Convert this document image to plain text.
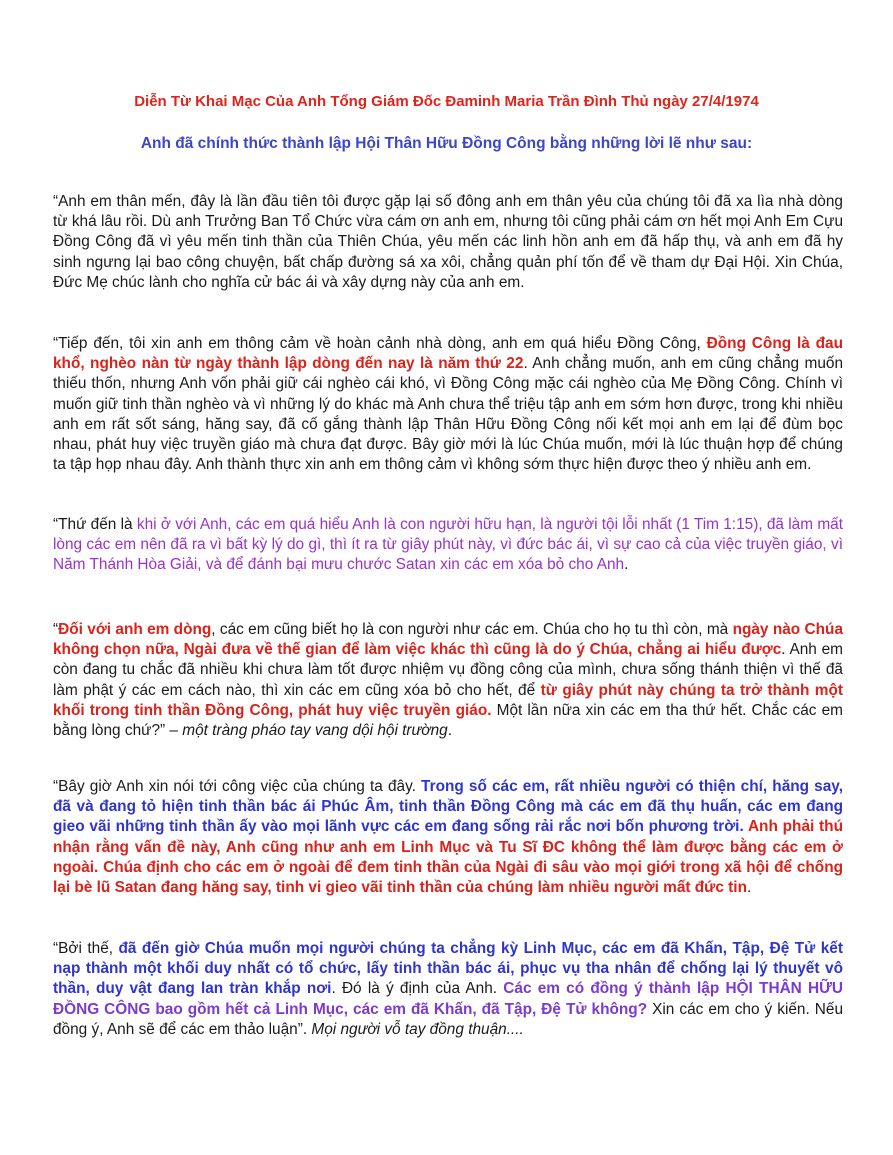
Diễn Từ Khai Mạc Của Anh Tổng Giám Đốc Đaminh Maria Trần Đình Thủ ngày 27/4/1974
Anh đã chính thức thành lập Hội Thân Hữu Đồng Công bằng những lời lẽ như sau:
“Anh em thân mến, đây là lần đầu tiên tôi được gặp lại số đông anh em thân yêu của chúng tôi đã xa lìa nhà dòng từ khá lâu rồi. Dù anh Trưởng Ban Tổ Chức vừa cám ơn anh em, nhưng tôi cũng phải cám ơn hết mọi Anh Em Cựu Đồng Công đã vì yêu mến tinh thần của Thiên Chúa, yêu mến các linh hồn anh em đã hấp thụ, và anh em đã hy sinh ngưng lại bao công chuyện, bất chấp đường sá xa xôi, chẳng quản phí tốn để về tham dự Đại Hội. Xin Chúa, Đức Mẹ chúc lành cho nghĩa cử bác ái và xây dựng này của anh em.
“Tiếp đến, tôi xin anh em thông cảm về hoàn cảnh nhà dòng, anh em quá hiểu Đồng Công, Đồng Công là đau khổ, nghèo nàn từ ngày thành lập dòng đến nay là năm thứ 22. Anh chẳng muốn, anh em cũng chẳng muốn thiếu thốn, nhưng Anh vốn phải giữ cái nghèo cái khó, vì Đồng Công mặc cái nghèo của Mẹ Đồng Công. Chính vì muốn giữ tinh thần nghèo và vì những lý do khác mà Anh chưa thể triệu tập anh em sớm hơn được, trong khi nhiều anh em rất sốt sáng, hăng say, đã cố gắng thành lập Thân Hữu Đồng Công nối kết mọi anh em lại để đùm bọc nhau, phát huy việc truyền giáo mà chưa đạt được. Bây giờ mới là lúc Chúa muốn, mới là lúc thuận hợp để chúng ta tập họp nhau đây. Anh thành thực xin anh em thông cảm vì không sớm thực hiện được theo ý nhiều anh em.
“Thứ đến là khi ở với Anh, các em quá hiểu Anh là con người hữu hạn, là người tội lỗi nhất (1 Tim 1:15), đã làm mất lòng các em nên đã ra vì bất kỳ lý do gì, thì ít ra từ giây phút này, vì đức bác ái, vì sự cao cả của việc truyền giáo, vì Năm Thánh Hòa Giải, và để đánh bại mưu chước Satan xin các em xóa bỏ cho Anh.
“Đối với anh em dòng, các em cũng biết họ là con người như các em. Chúa cho họ tu thì còn, mà ngày nào Chúa không chọn nữa, Ngài đưa về thế gian để làm việc khác thì cũng là do ý Chúa, chẳng ai hiểu được. Anh em còn đang tu chắc đã nhiều khi chưa làm tốt được nhiệm vụ đồng công của mình, chưa sống thánh thiện vì thế đã làm phật ý các em cách nào, thì xin các em cũng xóa bỏ cho hết, để từ giây phút này chúng ta trở thành một khối trong tinh thần Đồng Công, phát huy việc truyền giáo. Một lần nữa xin các em tha thứ hết. Chắc các em bằng lòng chứ?” – một tràng pháo tay vang dội hội trường.
“Bây giờ Anh xin nói tới công việc của chúng ta đây. Trong số các em, rất nhiều người có thiện chí, hăng say, đã và đang tỏ hiện tinh thần bác ái Phúc Âm, tinh thần Đồng Công mà các em đã thụ huấn, các em đang gieo vãi những tinh thần ấy vào mọi lãnh vực các em đang sống rải rắc nơi bốn phương trời. Anh phải thú nhận rằng vấn đề này, Anh cũng như anh em Linh Mục và Tu Sĩ ĐC không thể làm được bằng các em ở ngoài. Chúa định cho các em ở ngoài để đem tinh thần của Ngài đi sâu vào mọi giới trong xã hội để chống lại bè lũ Satan đang hăng say, tinh vi gieo vãi tinh thần của chúng làm nhiều người mất đức tin.
“Bởi thế, đã đến giờ Chúa muốn mọi người chúng ta chẳng kỳ Linh Mục, các em đã Khấn, Tập, Đệ Tử kết nạp thành một khối duy nhất có tổ chức, lấy tinh thần bác ái, phục vụ tha nhân để chống lại lý thuyết vô thần, duy vật đang lan tràn khắp nơi. Đó là ý định của Anh. Các em có đồng ý thành lập HỘI THÂN HỮU ĐỒNG CÔNG bao gồm hết cả Linh Mục, các em đã Khấn, đã Tập, Đệ Tử không? Xin các em cho ý kiến. Nếu đồng ý, Anh sẽ để các em thảo luận”. Mọi người vỗ tay đồng thuận....
